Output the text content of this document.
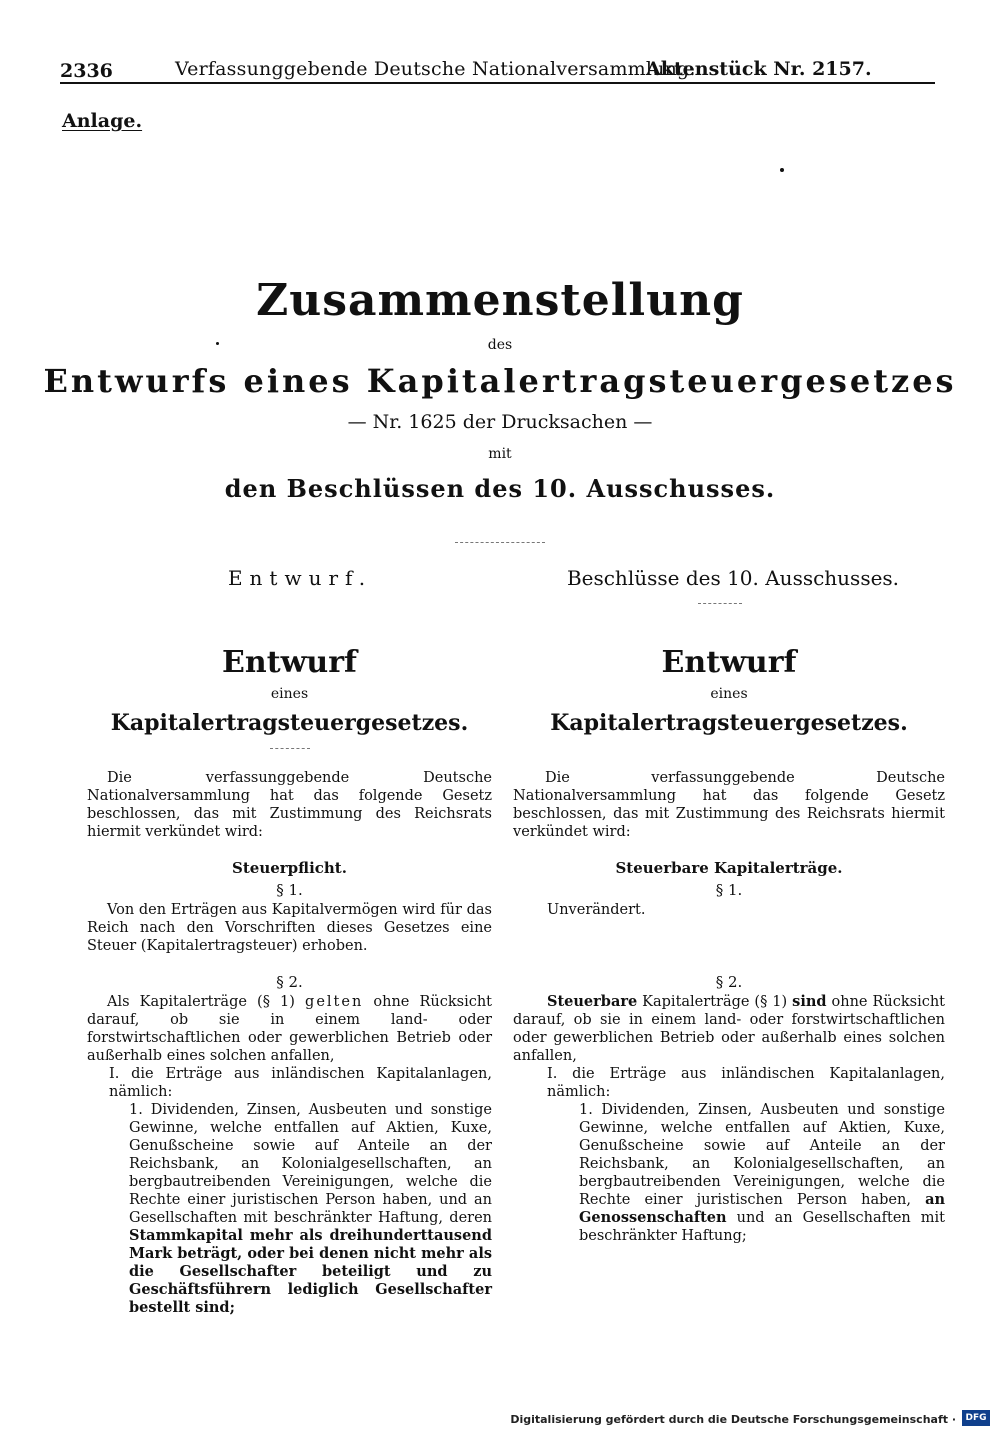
2336	Verfassunggebende Deutsche Nationalversammlung.
Aktenstück Nr. 2157.
Anlage.
Zusammenstellung
des
Entwurfs eines Kapitalertragsteuergesetzes
— Nr. 1625 der Drucksachen —
mit
den Beschlüssen des 10. Ausschusses.
Entwurf.	Beschlüsse des 10. Ausschusses.
Entwurf
eines
Kapitalertragsteuergesetzes.

Die verfassunggebende Deutsche Nationalversammlung hat das folgende Gesetz beschlossen, das mit Zustimmung des Reichsrats hiermit verkündet wird:

Steuerpflicht.
§ 1.

Von den Erträgen aus Kapitalvermögen wird für das Reich nach den Vorschriften dieses Gesetzes eine Steuer (Kapitalertragsteuer) erhoben.

§ 2.

Als Kapitalerträge (§ 1) gelten ohne Rücksicht darauf, ob sie in einem land- oder forstwirtschaftlichen oder gewerblichen Betrieb oder außerhalb eines solchen anfallen,

I. die Erträge aus inländischen Kapitalanlagen, nämlich:

1. Dividenden, Zinsen, Ausbeuten und sonstige Gewinne, welche entfallen auf Aktien, Kuxe, Genußscheine sowie auf Anteile an der Reichsbank, an Kolonialgesellschaften, an bergbautreibenden Vereinigungen, welche die Rechte einer juristischen Person haben, und an Gesellschaften mit beschränkter Haftung, deren Stammkapital mehr als dreihunderttausend Mark beträgt, oder bei denen nicht mehr als die Gesellschafter beteiligt und zu Geschäftsführern lediglich Gesellschafter bestellt sind;

Entwurf
eines
Kapitalertragsteuergesetzes.

Die verfassunggebende Deutsche Nationalversammlung hat das folgende Gesetz beschlossen, das mit Zustimmung des Reichsrats hiermit verkündet wird:

Steuerbare Kapitalerträge.
§ 1.

Unverändert.

§ 2.

Steuerbare Kapitalerträge (§ 1) sind ohne Rücksicht darauf, ob sie in einem land- oder forstwirtschaftlichen oder gewerblichen Betrieb oder außerhalb eines solchen anfallen,

I. die Erträge aus inländischen Kapitalanlagen, nämlich:

1. Dividenden, Zinsen, Ausbeuten und sonstige Gewinne, welche entfallen auf Aktien, Kuxe, Genußscheine sowie auf Anteile an der Reichsbank, an Kolonialgesellschaften, an bergbautreibenden Vereinigungen, welche die Rechte einer juristischen Person haben, an Genossenschaften und an Gesellschaften mit beschränkter Haftung;

Digitalisierung gefördert durch die Deutsche Forschungsgemeinschaft ·	DFG
